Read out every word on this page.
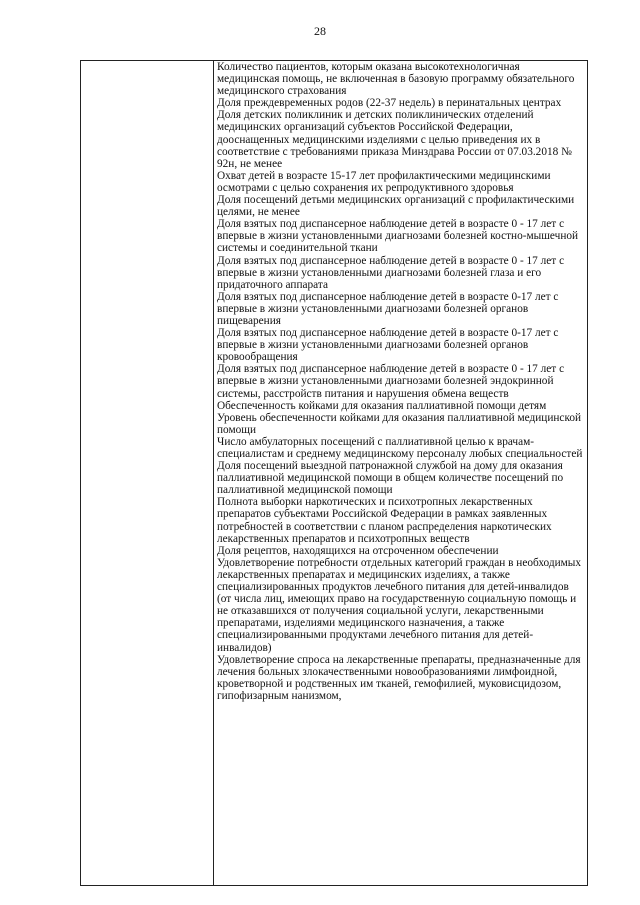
28
Количество пациентов, которым оказана высокотехнологичная медицинская помощь, не включенная в базовую программу обязательного медицинского страхования
Доля преждевременных родов (22-37 недель) в перинатальных центрах
Доля детских поликлиник и детских поликлинических отделений медицинских организаций субъектов Российской Федерации, дооснащенных медицинскими изделиями с целью приведения их в соответствие с требованиями приказа Минздрава России от 07.03.2018 № 92н, не менее
Охват детей в возрасте 15-17 лет профилактическими медицинскими осмотрами с целью сохранения их репродуктивного здоровья
Доля посещений детьми медицинских организаций с профилактическими целями, не менее
Доля взятых под диспансерное наблюдение детей в возрасте 0 - 17 лет с впервые в жизни установленными диагнозами болезней костно-мышечной системы и соединительной ткани
Доля взятых под диспансерное наблюдение детей в возрасте 0 - 17 лет с впервые в жизни установленными диагнозами болезней глаза и его придаточного аппарата
Доля взятых под диспансерное наблюдение детей в возрасте 0-17 лет с впервые в жизни установленными диагнозами болезней органов пищеварения
Доля взятых под диспансерное наблюдение детей в возрасте 0-17 лет с впервые в жизни установленными диагнозами болезней органов кровообращения
Доля взятых под диспансерное наблюдение детей в возрасте 0 - 17 лет с впервые в жизни установленными диагнозами болезней эндокринной системы, расстройств питания и нарушения обмена веществ
Обеспеченность койками для оказания паллиативной помощи детям
Уровень обеспеченности койками для оказания паллиативной медицинской помощи
Число амбулаторных посещений с паллиативной целью к врачам-специалистам и среднему медицинскому персоналу любых специальностей
Доля посещений выездной патронажной службой на дому для оказания паллиативной медицинской помощи в общем количестве посещений по паллиативной медицинской помощи
Полнота выборки наркотических и психотропных лекарственных препаратов субъектами Российской Федерации в рамках заявленных потребностей в соответствии с планом распределения наркотических лекарственных препаратов и психотропных веществ
Доля рецептов, находящихся на отсроченном обеспечении
Удовлетворение потребности отдельных категорий граждан в необходимых лекарственных препаратах и медицинских изделиях, а также специализированных продуктов лечебного питания для детей-инвалидов (от числа лиц, имеющих право на государственную социальную помощь и не отказавшихся от получения социальной услуги, лекарственными препаратами, изделиями медицинского назначения, а также специализированными продуктами лечебного питания для детей-инвалидов)
Удовлетворение спроса на лекарственные препараты, предназначенные для лечения больных злокачественными новообразованиями лимфоидной, кроветворной и родственных им тканей, гемофилией, муковисцидозом, гипофизарным нанизмом,
